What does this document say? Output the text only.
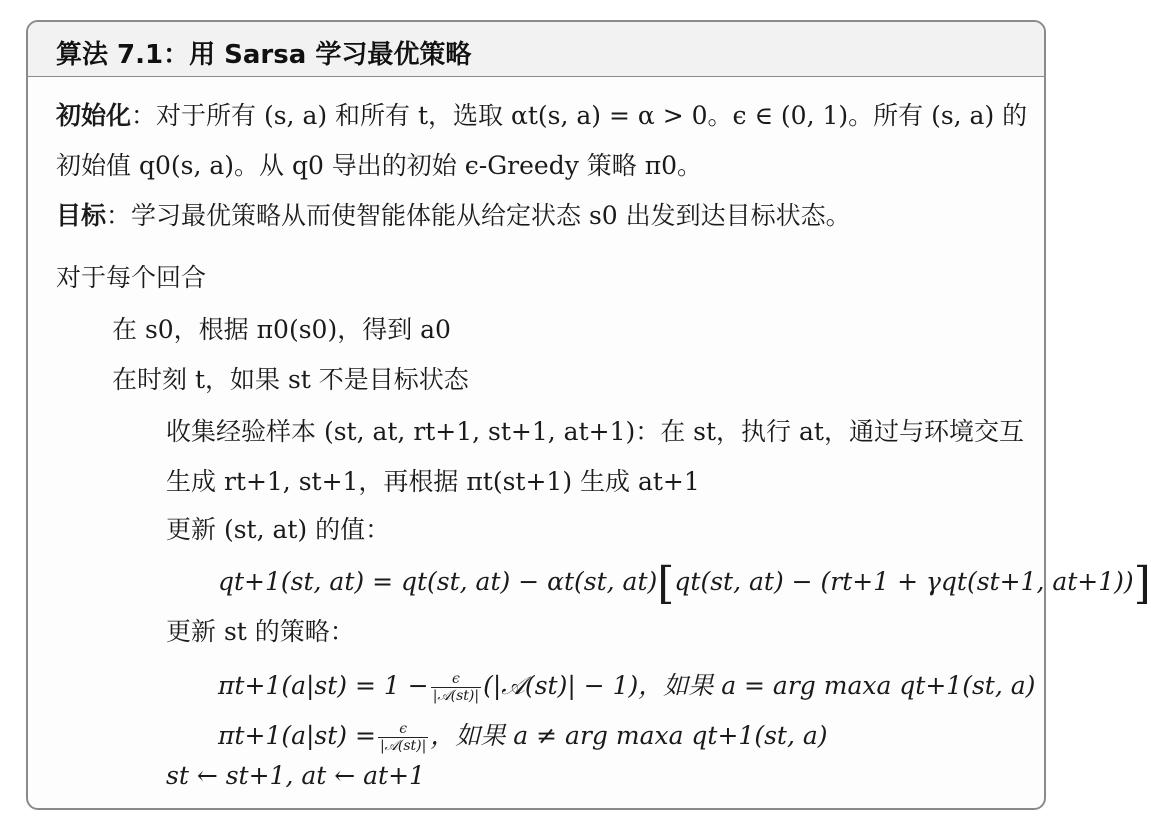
算法 7.1：用 Sarsa 学习最优策略
初始化：对于所有 (s, a) 和所有 t，选取 αt(s, a) = α > 0。ϵ ∈ (0, 1)。所有 (s, a) 的
初始值 q0(s, a)。从 q0 导出的初始 ϵ-Greedy 策略 π0。
目标：学习最优策略从而使智能体能从给定状态 s0 出发到达目标状态。
对于每个回合
在 s0，根据 π0(s0)，得到 a0
在时刻 t，如果 st 不是目标状态
收集经验样本 (st, at, rt+1, st+1, at+1)：在 st，执行 at，通过与环境交互
生成 rt+1, st+1，再根据 πt(st+1) 生成 at+1
更新 (st, at) 的值：
qt+1(st, at) = qt(st, at) − αt(st, at)[qt(st, at) − (rt+1 + γqt(st+1, at+1))]
更新 st 的策略：
$\pi t+1(a|st) = 1 - \frac{\epsilon}{\text{|𝒜(st)|}}$ (|𝒜(st)| − 1)，如果 a = arg maxa qt+1(st, a)
$\pi t+1(a|st) = \frac{\epsilon}{\text{|𝒜(st)|}}$ ，如果 a ≠ arg maxa qt+1(st, a)
st ← st+1, at ← at+1
